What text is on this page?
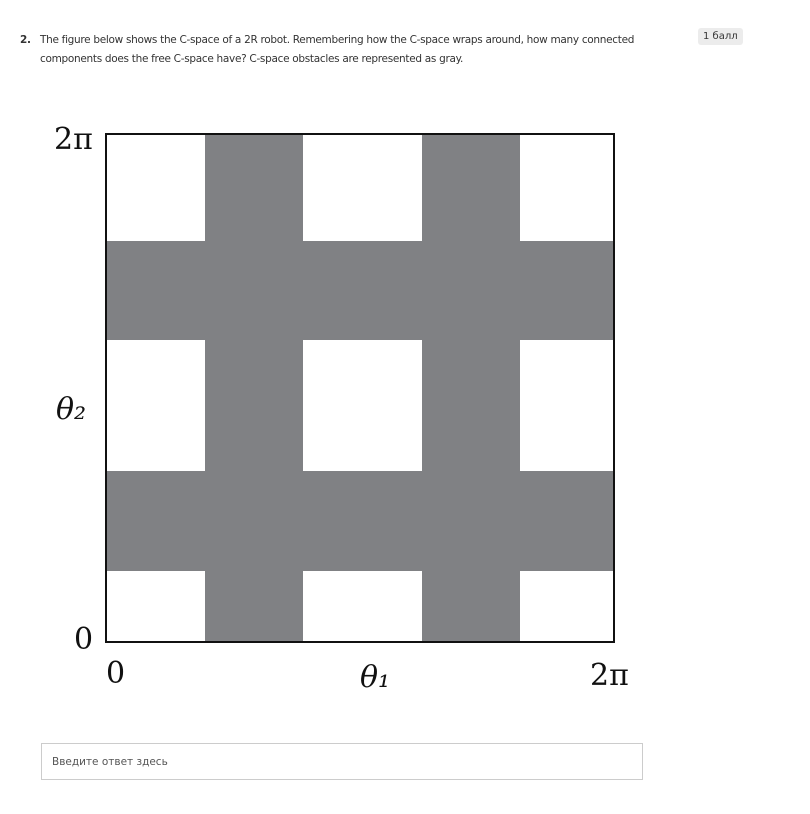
2. The figure below shows the C-space of a 2R robot. Remembering how the C-space wraps around, how many connected components does the free C-space have? C-space obstacles are represented as gray.
1 балл
2π
θ₂
0
0	θ₁	2π
Введите ответ здесь
